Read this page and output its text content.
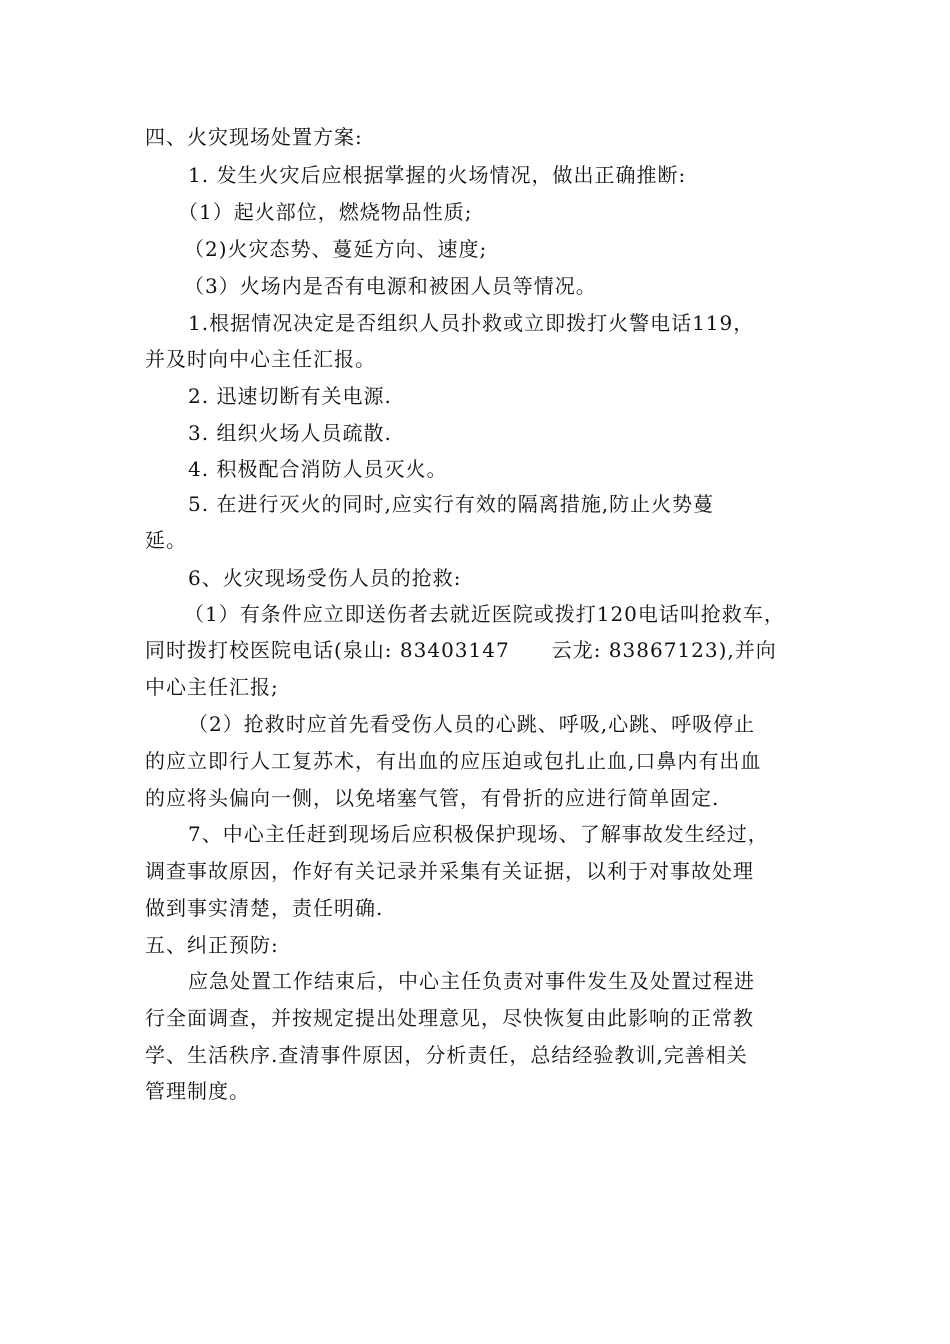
四、火灾现场处置方案:
1. 发生火灾后应根据掌握的火场情况，做出正确推断:
（1）起火部位，燃烧物品性质;
（2)火灾态势、蔓延方向、速度;
（3）火场内是否有电源和被困人员等情况。
1.根据情况决定是否组织人员扑救或立即拨打火警电话119，
并及时向中心主任汇报。
2. 迅速切断有关电源.
3. 组织火场人员疏散.
4. 积极配合消防人员灭火。
5. 在进行灭火的同时,应实行有效的隔离措施,防止火势蔓
延。
6、火灾现场受伤人员的抢救:
（1）有条件应立即送伤者去就近医院或拨打120电话叫抢救车，
同时拨打校医院电话(泉山: 83403147　　云龙: 83867123),并向
中心主任汇报;
（2）抢救时应首先看受伤人员的心跳、呼吸,心跳、呼吸停止
的应立即行人工复苏术，有出血的应压迫或包扎止血,口鼻内有出血
的应将头偏向一侧，以免堵塞气管，有骨折的应进行简单固定.
7、中心主任赶到现场后应积极保护现场、了解事故发生经过，
调查事故原因，作好有关记录并采集有关证据，以利于对事故处理
做到事实清楚，责任明确.
五、纠正预防:
应急处置工作结束后，中心主任负责对事件发生及处置过程进
行全面调查，并按规定提出处理意见，尽快恢复由此影响的正常教
学、生活秩序.查清事件原因，分析责任，总结经验教训,完善相关
管理制度。
